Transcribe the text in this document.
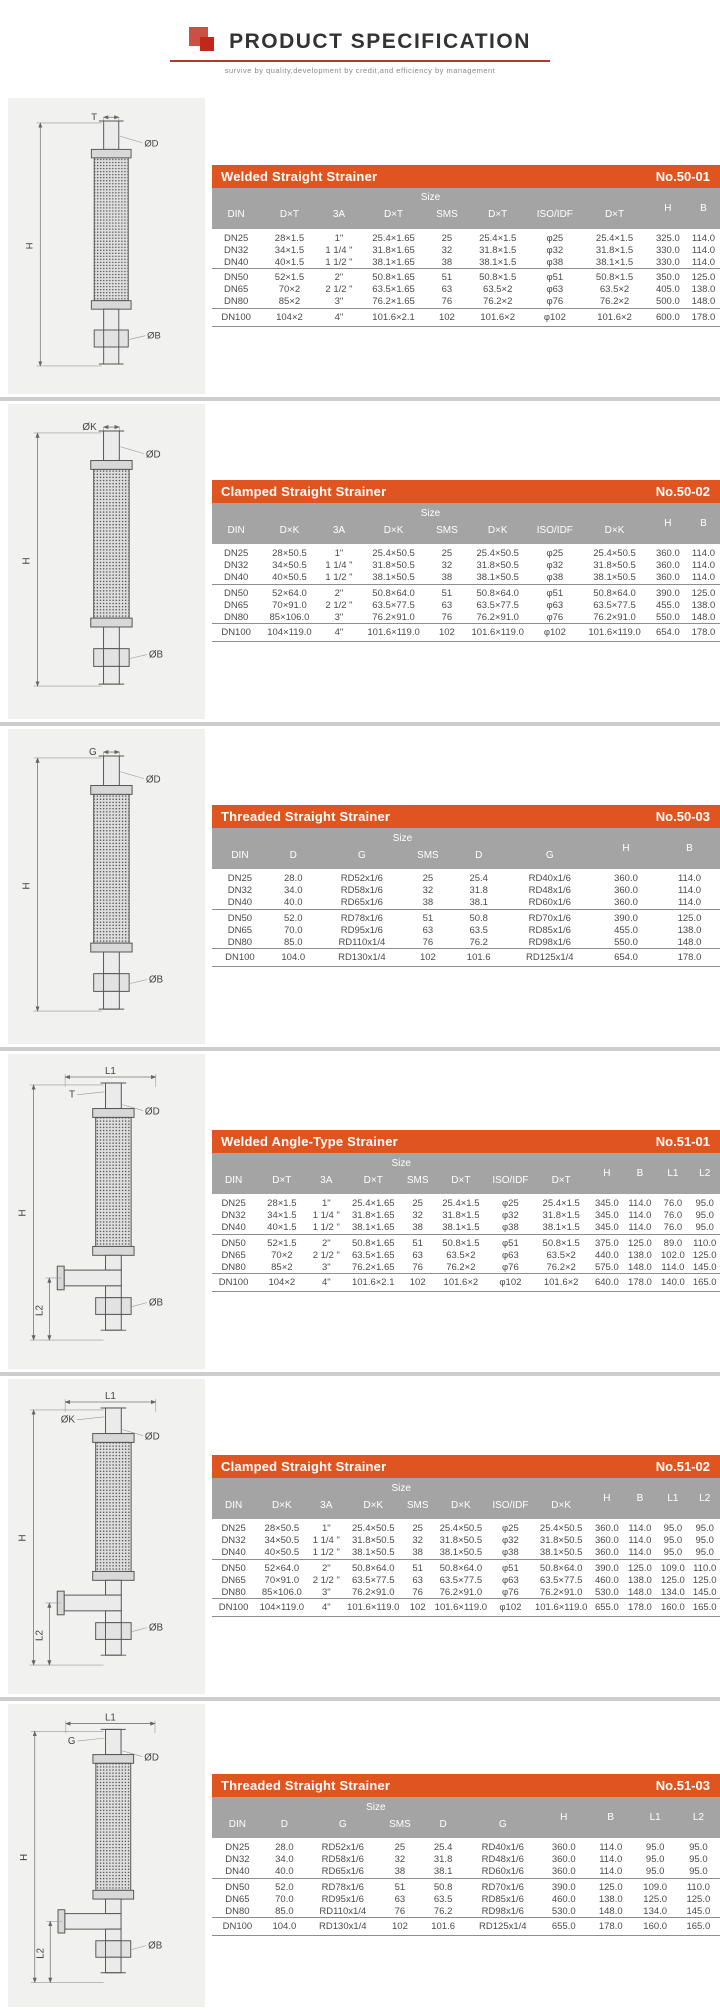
PRODUCT SPECIFICATION
survive by quality,development by credit,and efficiency by management
T
ØD
H
ØB
Welded Straight Strainer	No.50-01
Size								H	B
DIN	D×T	3A	D×T	SMS	D×T	ISO/IDF	D×T		
DN25	28×1.5	1"	25.4×1.65	25	25.4×1.5	φ25	25.4×1.5	325.0	114.0
DN32	34×1.5	1 1/4 "	31.8×1.65	32	31.8×1.5	φ32	31.8×1.5	330.0	114.0
DN40	40×1.5	1 1/2 "	38.1×1.65	38	38.1×1.5	φ38	38.1×1.5	330.0	114.0
DN50	52×1.5	2"	50.8×1.65	51	50.8×1.5	φ51	50.8×1.5	350.0	125.0
DN65	70×2	2 1/2 "	63.5×1.65	63	63.5×2	φ63	63.5×2	405.0	138.0
DN80	85×2	3"	76.2×1.65	76	76.2×2	φ76	76.2×2	500.0	148.0
DN100	104×2	4"	101.6×2.1	102	101.6×2	φ102	101.6×2	600.0	178.0
ØK
ØD
H
ØB
Clamped Straight Strainer	No.50-02
Size								H	B
DIN	D×K	3A	D×K	SMS	D×K	ISO/IDF	D×K		
DN25	28×50.5	1"	25.4×50.5	25	25.4×50.5	φ25	25.4×50.5	360.0	114.0
DN32	34×50.5	1 1/4 "	31.8×50.5	32	31.8×50.5	φ32	31.8×50.5	360.0	114.0
DN40	40×50.5	1 1/2 "	38.1×50.5	38	38.1×50.5	φ38	38.1×50.5	360.0	114.0
DN50	52×64.0	2"	50.8×64.0	51	50.8×64.0	φ51	50.8×64.0	390.0	125.0
DN65	70×91.0	2 1/2 "	63.5×77.5	63	63.5×77.5	φ63	63.5×77.5	455.0	138.0
DN80	85×106.0	3"	76.2×91.0	76	76.2×91.0	φ76	76.2×91.0	550.0	148.0
DN100	104×119.0	4"	101.6×119.0	102	101.6×119.0	φ102	101.6×119.0	654.0	178.0
G
ØD
H
ØB
Threaded Straight Strainer	No.50-03
Size						H	B
DIN	D	G	SMS	D	G		
DN25	28.0	RD52x1/6	25	25.4	RD40x1/6	360.0	114.0
DN32	34.0	RD58x1/6	32	31.8	RD48x1/6	360.0	114.0
DN40	40.0	RD65x1/6	38	38.1	RD60x1/6	360.0	114.0
DN50	52.0	RD78x1/6	51	50.8	RD70x1/6	390.0	125.0
DN65	70.0	RD95x1/6	63	63.5	RD85x1/6	455.0	138.0
DN80	85.0	RD110x1/4	76	76.2	RD98x1/6	550.0	148.0
DN100	104.0	RD130x1/4	102	101.6	RD125x1/4	654.0	178.0
L1
T
ØD
H
L2
ØB
Welded Angle-Type Strainer	No.51-01
Size								H	B	L1	L2
DIN	D×T	3A	D×T	SMS	D×T	ISO/IDF	D×T				
DN25	28×1.5	1"	25.4×1.65	25	25.4×1.5	φ25	25.4×1.5	345.0	114.0	76.0	95.0
DN32	34×1.5	1 1/4 "	31.8×1.65	32	31.8×1.5	φ32	31.8×1.5	345.0	114.0	76.0	95.0
DN40	40×1.5	1 1/2 "	38.1×1.65	38	38.1×1.5	φ38	38.1×1.5	345.0	114.0	76.0	95.0
DN50	52×1.5	2"	50.8×1.65	51	50.8×1.5	φ51	50.8×1.5	375.0	125.0	89.0	110.0
DN65	70×2	2 1/2 "	63.5×1.65	63	63.5×2	φ63	63.5×2	440.0	138.0	102.0	125.0
DN80	85×2	3"	76.2×1.65	76	76.2×2	φ76	76.2×2	575.0	148.0	114.0	145.0
DN100	104×2	4"	101.6×2.1	102	101.6×2	φ102	101.6×2	640.0	178.0	140.0	165.0
L1
ØK
ØD
H
L2
ØB
Clamped Straight Strainer	No.51-02
Size								H	B	L1	L2
DIN	D×K	3A	D×K	SMS	D×K	ISO/IDF	D×K				
DN25	28×50.5	1"	25.4×50.5	25	25.4×50.5	φ25	25.4×50.5	360.0	114.0	95.0	95.0
DN32	34×50.5	1 1/4 "	31.8×50.5	32	31.8×50.5	φ32	31.8×50.5	360.0	114.0	95.0	95.0
DN40	40×50.5	1 1/2 "	38.1×50.5	38	38.1×50.5	φ38	38.1×50.5	360.0	114.0	95.0	95.0
DN50	52×64.0	2"	50.8×64.0	51	50.8×64.0	φ51	50.8×64.0	390.0	125.0	109.0	110.0
DN65	70×91.0	2 1/2 "	63.5×77.5	63	63.5×77.5	φ63	63.5×77.5	460.0	138.0	125.0	125.0
DN80	85×106.0	3"	76.2×91.0	76	76.2×91.0	φ76	76.2×91.0	530.0	148.0	134.0	145.0
DN100	104×119.0	4"	101.6×119.0	102	101.6×119.0	φ102	101.6×119.0	655.0	178.0	160.0	165.0
L1
G
ØD
H
L2
ØB
Threaded Straight Strainer	No.51-03
Size						H	B	L1	L2
DIN	D	G	SMS	D	G				
DN25	28.0	RD52x1/6	25	25.4	RD40x1/6	360.0	114.0	95.0	95.0
DN32	34.0	RD58x1/6	32	31.8	RD48x1/6	360.0	114.0	95.0	95.0
DN40	40.0	RD65x1/6	38	38.1	RD60x1/6	360.0	114.0	95.0	95.0
DN50	52.0	RD78x1/6	51	50.8	RD70x1/6	390.0	125.0	109.0	110.0
DN65	70.0	RD95x1/6	63	63.5	RD85x1/6	460.0	138.0	125.0	125.0
DN80	85.0	RD110x1/4	76	76.2	RD98x1/6	530.0	148.0	134.0	145.0
DN100	104.0	RD130x1/4	102	101.6	RD125x1/4	655.0	178.0	160.0	165.0
